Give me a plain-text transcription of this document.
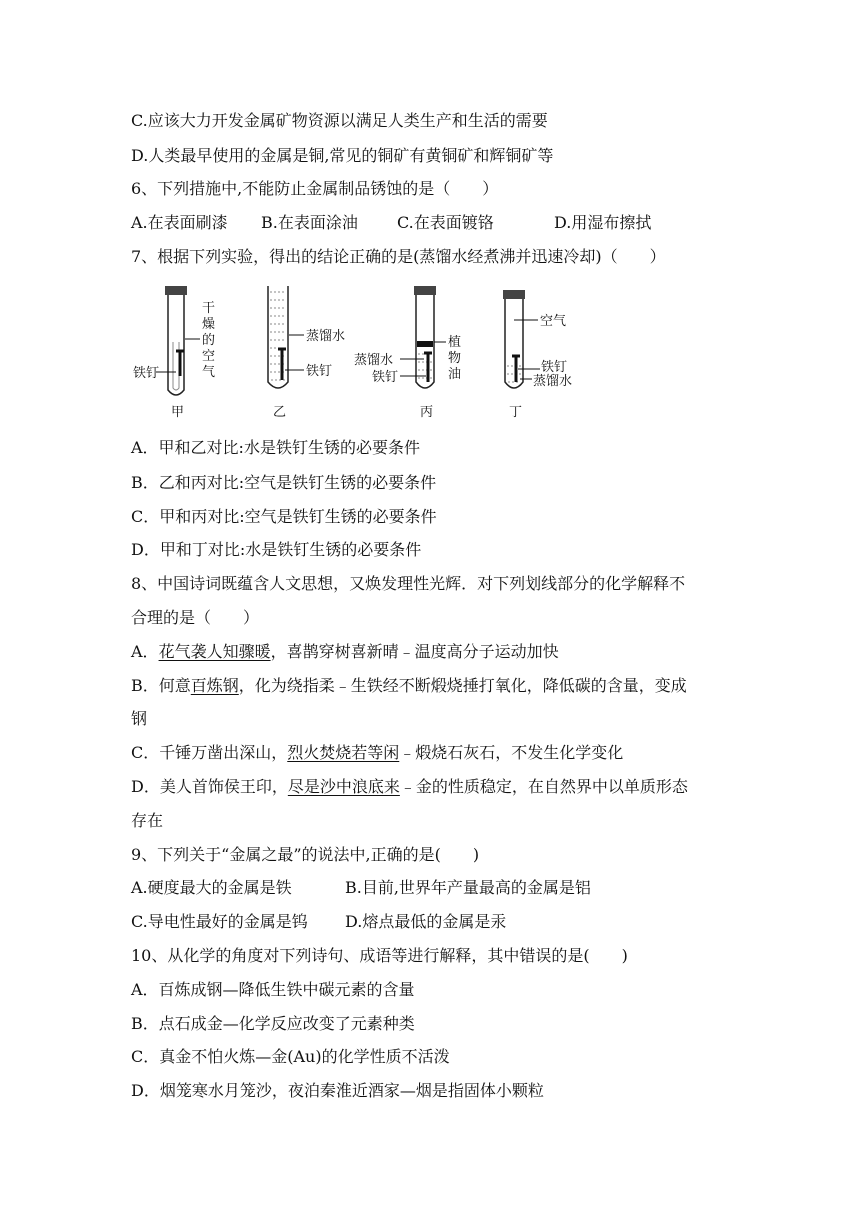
C.应该大力开发金属矿物资源以满足人类生产和生活的需要
D.人类最早使用的金属是铜,常见的铜矿有黄铜矿和辉铜矿等
6、下列措施中,不能防止金属制品锈蚀的是（　　）
A.在表面刷漆 B.在表面涂油 C.在表面镀铬	D.用湿布擦拭
7、根据下列实验，得出的结论正确的是(蒸馏水经煮沸并迅速冷却)（　　）
铁钉
干
燥
的
空
气
甲
蒸馏水
铁钉
乙
蒸馏水
铁钉
植
物
油
丙
空气
铁钉
蒸馏水
丁
A．甲和乙对比:水是铁钉生锈的必要条件
B．乙和丙对比:空气是铁钉生锈的必要条件
C．甲和丙对比:空气是铁钉生锈的必要条件
D．甲和丁对比:水是铁钉生锈的必要条件
8、中国诗词既蕴含人文思想，又焕发理性光辉．对下列划线部分的化学解释不
合理的是（　　）
A．花气袭人知骤暖，喜鹊穿树喜新晴﹣温度高分子运动加快
B．何意百炼钢，化为绕指柔﹣生铁经不断煅烧捶打氧化，降低碳的含量，变成
钢
C．千锤万凿出深山，烈火焚烧若等闲﹣煅烧石灰石，不发生化学变化
D．美人首饰侯王印，尽是沙中浪底来﹣金的性质稳定，在自然界中以单质形态
存在
9、下列关于“金属之最”的说法中,正确的是(　　)
A.硬度最大的金属是铁	B.目前,世界年产量最高的金属是铝
C.导电性最好的金属是钨 D.熔点最低的金属是汞
10、从化学的角度对下列诗句、成语等进行解释，其中错误的是(　　)
A．百炼成钢—降低生铁中碳元素的含量
B．点石成金—化学反应改变了元素种类
C．真金不怕火炼—金(Au)的化学性质不活泼
D．烟笼寒水月笼沙，夜泊秦淮近酒家—烟是指固体小颗粒
